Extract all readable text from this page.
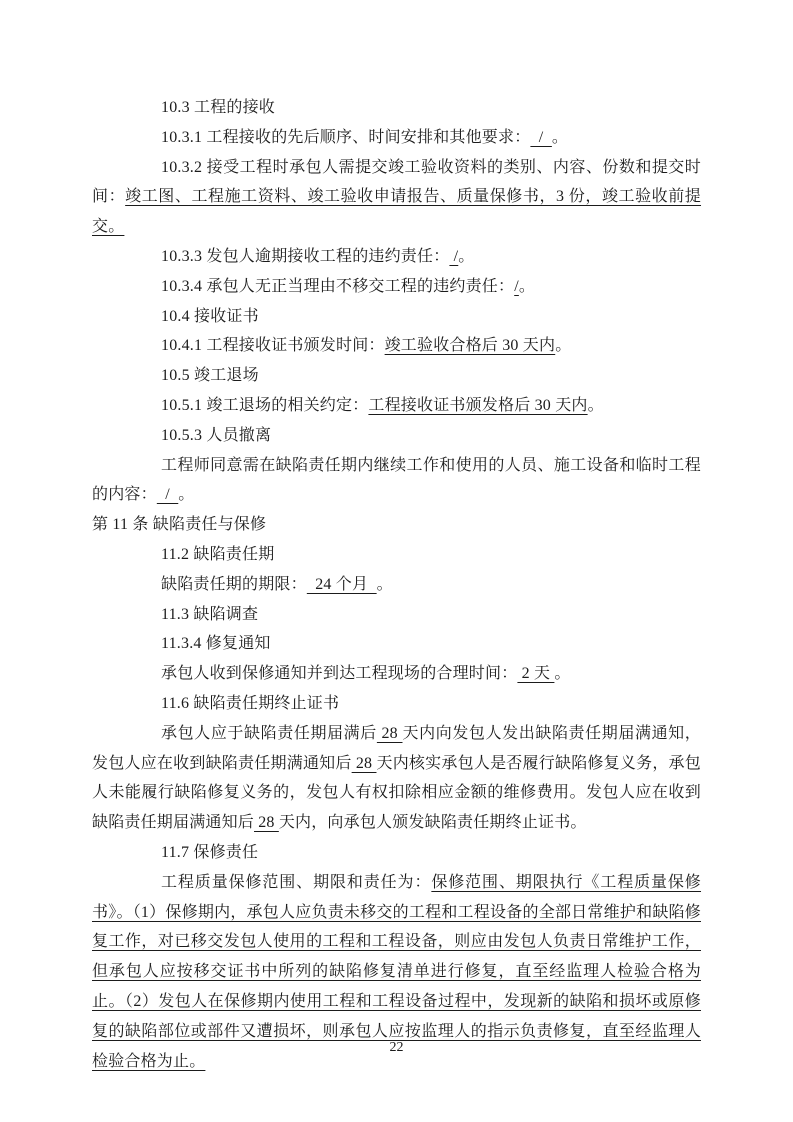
10.3 工程的接收

10.3.1 工程接收的先后顺序、时间安排和其他要求：  /  。

10.3.2 接受工程时承包人需提交竣工验收资料的类别、内容、份数和提交时间：竣工图、工程施工资料、竣工验收申请报告、质量保修书，3 份，竣工验收前提交。

10.3.3 发包人逾期接收工程的违约责任： /。

10.3.4 承包人无正当理由不移交工程的违约责任：/。

10.4 接收证书

10.4.1 工程接收证书颁发时间：竣工验收合格后 30 天内。

10.5 竣工退场

10.5.1 竣工退场的相关约定：工程接收证书颁发格后 30 天内。

10.5.3 人员撤离

工程师同意需在缺陷责任期内继续工作和使用的人员、施工设备和临时工程的内容：  /  。

第 11 条 缺陷责任与保修

11.2 缺陷责任期

缺陷责任期的期限：  24 个月  。

11.3 缺陷调查

11.3.4 修复通知

承包人收到保修通知并到达工程现场的合理时间： 2 天 。

11.6 缺陷责任期终止证书

承包人应于缺陷责任期届满后 28 天内向发包人发出缺陷责任期届满通知，发包人应在收到缺陷责任期满通知后 28 天内核实承包人是否履行缺陷修复义务，承包人未能履行缺陷修复义务的，发包人有权扣除相应金额的维修费用。发包人应在收到缺陷责任期届满通知后 28 天内，向承包人颁发缺陷责任期终止证书。

11.7 保修责任

工程质量保修范围、期限和责任为：保修范围、期限执行《工程质量保修书》。（1）保修期内，承包人应负责未移交的工程和工程设备的全部日常维护和缺陷修复工作，对已移交发包人使用的工程和工程设备，则应由发包人负责日常维护工作，但承包人应按移交证书中所列的缺陷修复清单进行修复，直至经监理人检验合格为止。（2）发包人在保修期内使用工程和工程设备过程中，发现新的缺陷和损坏或原修复的缺陷部位或部件又遭损坏，则承包人应按监理人的指示负责修复，直至经监理人检验合格为止。

22
